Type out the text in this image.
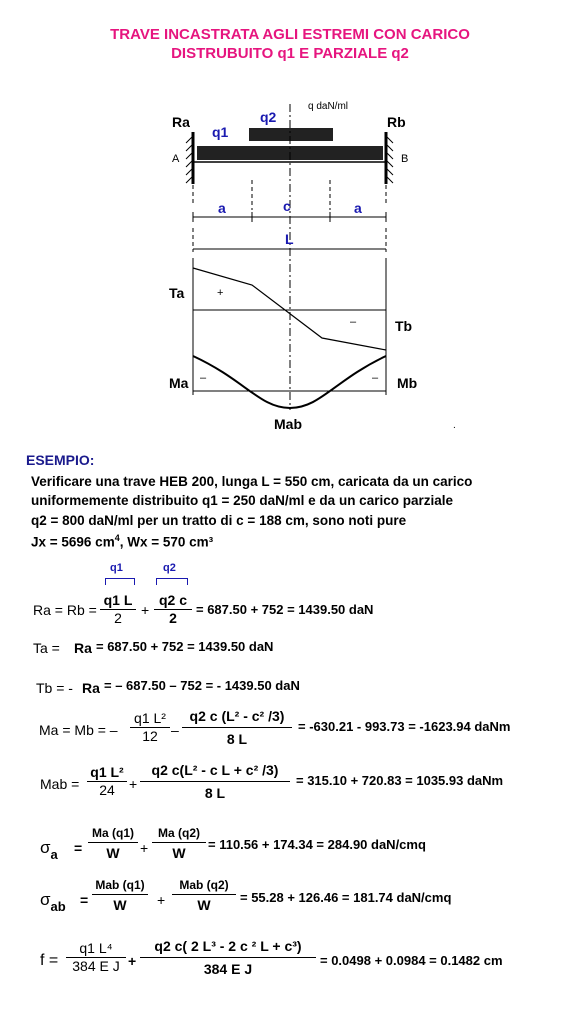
TRAVE INCASTRATA AGLI ESTREMI CON CARICO
DISTRUBUITO q1 E PARZIALE q2
Ra	Rb
q1
q2
q daN/ml
A	B
a	c	a
L
Ta
Tb
+
–
Ma	Mb
–	–
Mab	.
ESEMPIO:
Verificare una trave HEB 200, lunga L = 550 cm, caricata da un carico
uniformemente distribuito q1 = 250 daN/ml e da un carico parziale
q2 = 800 daN/ml per un tratto di c = 188 cm, sono noti pure
Jx = 5696 $cm^4$, Wx = 570 cm³
q1	q2
$Ra = Rb = \frac{q1 L}{2} + \frac{q2 c}{2} = 687.50 + 752 = 1439.50$ daN
Ta = Ra = 687.50 + 752 = 1439.50 daN
Tb = - Ra = – 687.50 – 752 = - 1439.50 daN
Ma = Mb = – $\frac{\text{q1 L²}}{12} - \frac{\text{q2 c (L² - c² /3)}}{8 L} = -630.21 - 993.73 = -1623.94$ daNm
Mab = $\frac{\text{q1 L²}}{24} + \frac{\text{q2 c(L² - c L + c² /3)}}{8 L} = 315.10 + 720.83 = 1035.93$ daNm
$\sigma_a = \frac{Ma (q1)}{W} + \frac{Ma (q2)}{W} = 110.56 + 174.34 = 284.90$ daN/cmq
$\sigma_{ab}$ =
Mab (q1)
W	+
Mab (q2)
W	= 55.28 + 126.46 = 181.74 daN/cmq
$f = \frac{\text{q1 L⁴}}{\text{384 E J}} + \frac{\text{q2 c( 2 L³ - 2 c ² L + c³)}}{\text{384 E J}} = 0.0498 + 0.0984 = 0.1482$ cm
